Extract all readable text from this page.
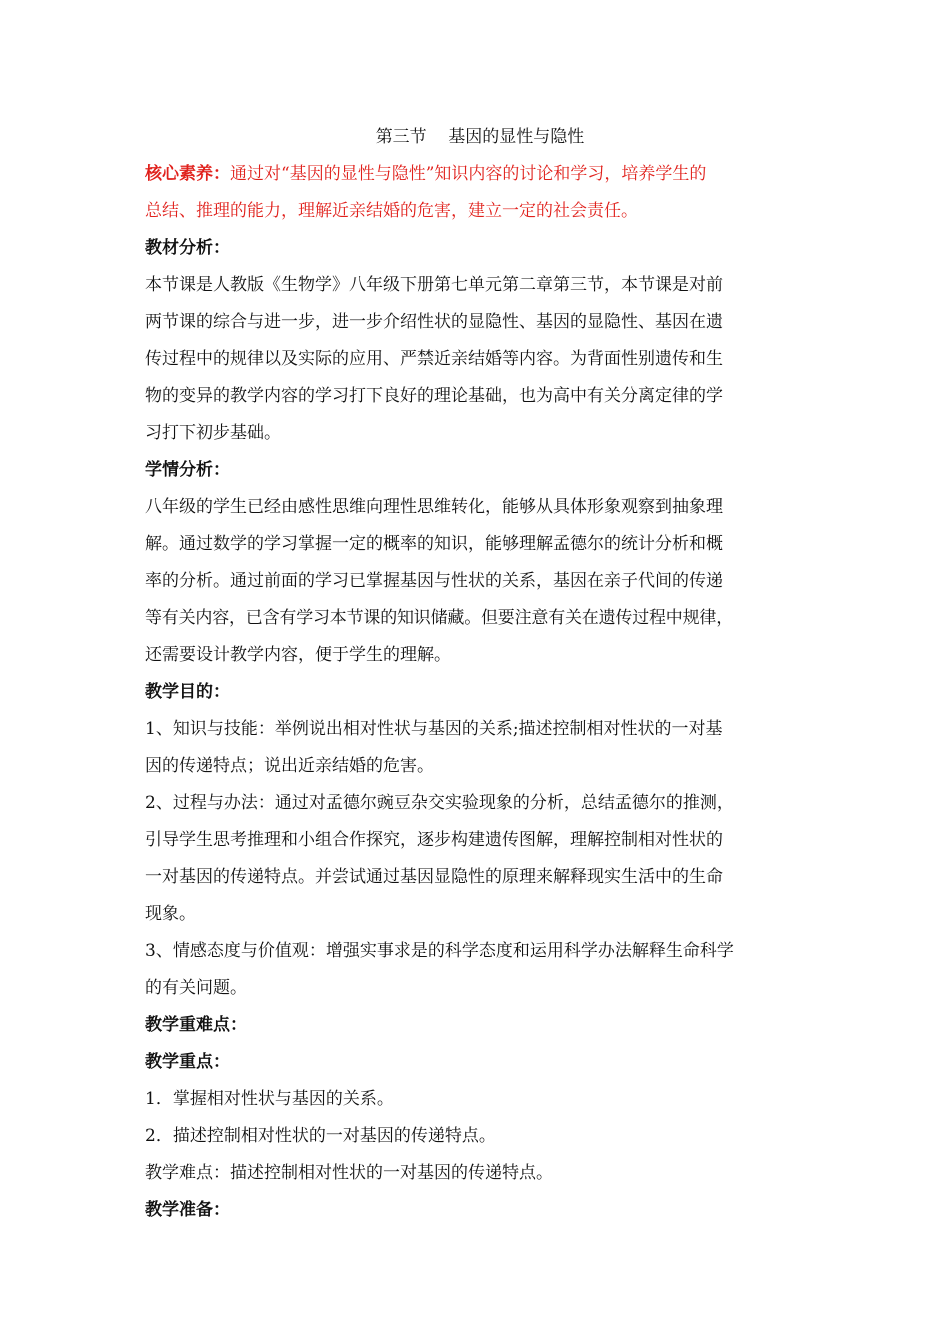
第三节    基因的显性与隐性
核心素养：通过对“基因的显性与隐性”知识内容的讨论和学习，培养学生的
总结、推理的能力，理解近亲结婚的危害，建立一定的社会责任。
教材分析：
本节课是人教版《生物学》八年级下册第七单元第二章第三节，本节课是对前
两节课的综合与进一步，进一步介绍性状的显隐性、基因的显隐性、基因在遗
传过程中的规律以及实际的应用、严禁近亲结婚等内容。为背面性别遗传和生
物的变异的教学内容的学习打下良好的理论基础，也为高中有关分离定律的学
习打下初步基础。
学情分析：
八年级的学生已经由感性思维向理性思维转化，能够从具体形象观察到抽象理
解。通过数学的学习掌握一定的概率的知识，能够理解孟德尔的统计分析和概
率的分析。通过前面的学习已掌握基因与性状的关系，基因在亲子代间的传递
等有关内容，已含有学习本节课的知识储藏。但要注意有关在遗传过程中规律，
还需要设计教学内容，便于学生的理解。
教学目的：
1、知识与技能：举例说出相对性状与基因的关系;描述控制相对性状的一对基
因的传递特点；说出近亲结婚的危害。
2、过程与办法：通过对孟德尔豌豆杂交实验现象的分析，总结孟德尔的推测，
引导学生思考推理和小组合作探究，逐步构建遗传图解，理解控制相对性状的
一对基因的传递特点。并尝试通过基因显隐性的原理来解释现实生活中的生命
现象。
3、情感态度与价值观：增强实事求是的科学态度和运用科学办法解释生命科学
的有关问题。
教学重难点：
教学重点：
1．掌握相对性状与基因的关系。
2．描述控制相对性状的一对基因的传递特点。
教学难点：描述控制相对性状的一对基因的传递特点。
教学准备：
